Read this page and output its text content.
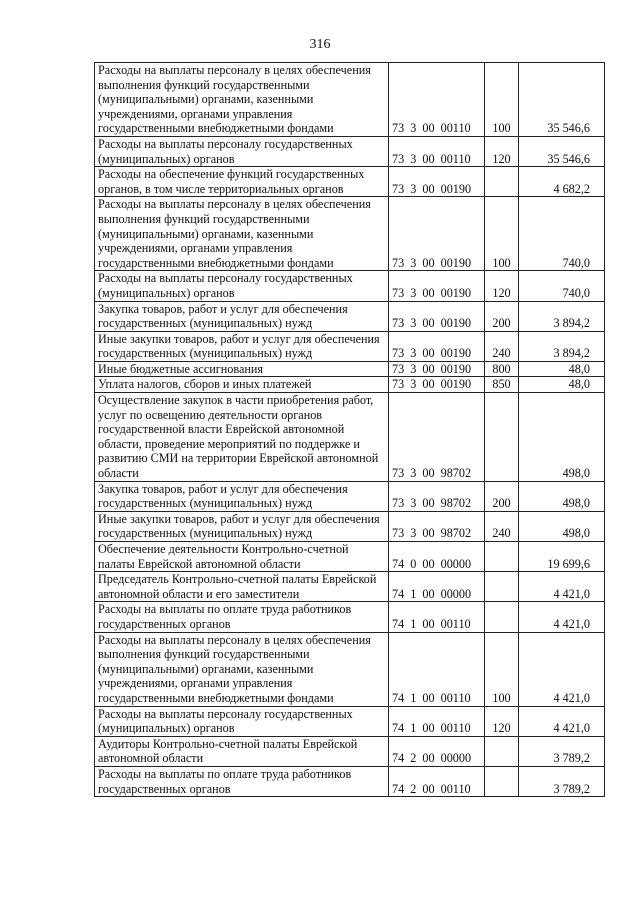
316
Расходы на выплаты персоналу в целях обеспечения выполнения функций государственными (муниципальными) органами, казенными учреждениями, органами управления государственными внебюджетными фондами	73 3 00 00110	100	35 546,6
Расходы на выплаты персоналу государственных (муниципальных) органов	73 3 00 00110	120	35 546,6
Расходы на обеспечение функций государственных органов, в том числе территориальных органов	73 3 00 00190		4 682,2
Расходы на выплаты персоналу в целях обеспечения выполнения функций государственными (муниципальными) органами, казенными учреждениями, органами управления государственными внебюджетными фондами	73 3 00 00190	100	740,0
Расходы на выплаты персоналу государственных (муниципальных) органов	73 3 00 00190	120	740,0
Закупка товаров, работ и услуг для обеспечения государственных (муниципальных) нужд	73 3 00 00190	200	3 894,2
Иные закупки товаров, работ и услуг для обеспечения государственных (муниципальных) нужд	73 3 00 00190	240	3 894,2
Иные бюджетные ассигнования	73 3 00 00190	800	48,0
Уплата налогов, сборов и иных платежей	73 3 00 00190	850	48,0
Осуществление закупок в части приобретения работ, услуг по освещению деятельности органов государственной власти Еврейской автономной области, проведение мероприятий по поддержке и развитию СМИ на территории Еврейской автономной области	73 3 00 98702		498,0
Закупка товаров, работ и услуг для обеспечения государственных (муниципальных) нужд	73 3 00 98702	200	498,0
Иные закупки товаров, работ и услуг для обеспечения государственных (муниципальных) нужд	73 3 00 98702	240	498,0
Обеспечение деятельности Контрольно-счетной палаты Еврейской автономной области	74 0 00 00000		19 699,6
Председатель Контрольно-счетной палаты Еврейской автономной области и его заместители	74 1 00 00000		4 421,0
Расходы на выплаты по оплате труда работников государственных органов	74 1 00 00110		4 421,0
Расходы на выплаты персоналу в целях обеспечения выполнения функций государственными (муниципальными) органами, казенными учреждениями, органами управления государственными внебюджетными фондами	74 1 00 00110	100	4 421,0
Расходы на выплаты персоналу государственных (муниципальных) органов	74 1 00 00110	120	4 421,0
Аудиторы Контрольно-счетной палаты Еврейской автономной области	74 2 00 00000		3 789,2
Расходы на выплаты по оплате труда работников государственных органов	74 2 00 00110		3 789,2
